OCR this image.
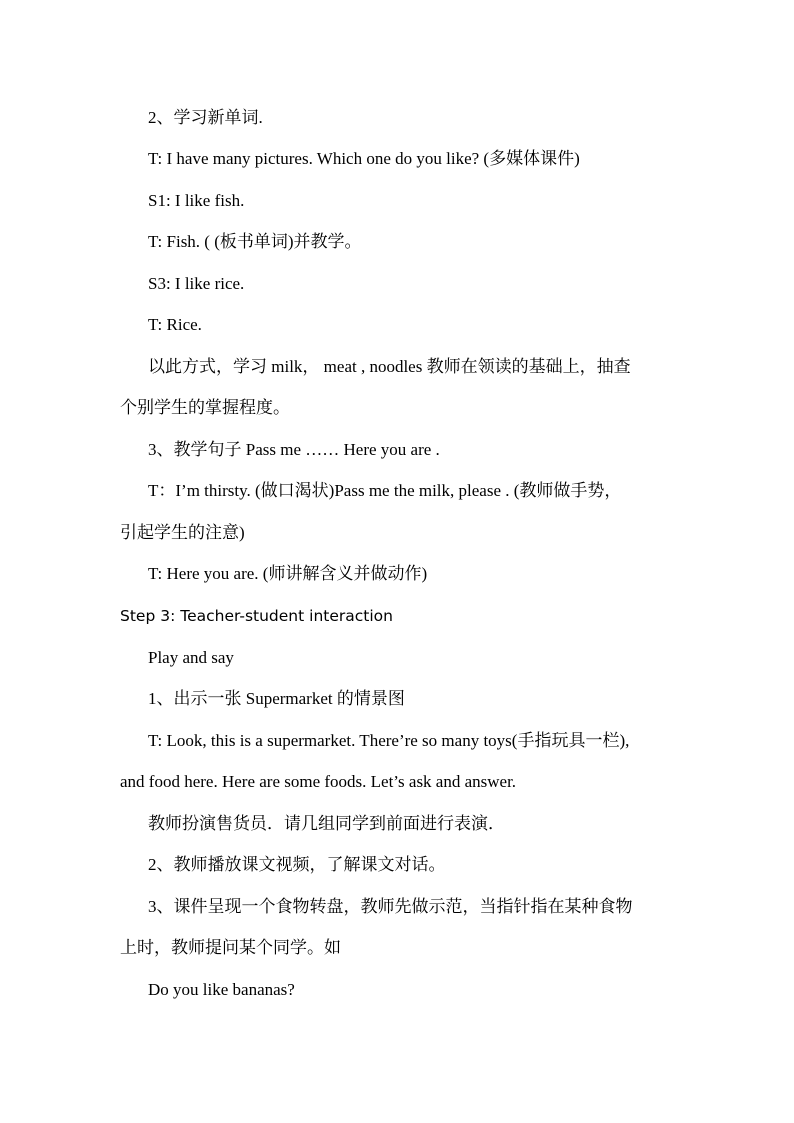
2、学习新单词.
T: I have many pictures. Which one do you like? (多媒体课件)
S1: I like fish.
T: Fish. ( (板书单词)并教学。
S3: I like rice.
T: Rice.
以此方式，学习 milk， meat , noodles 教师在领读的基础上，抽查
个别学生的掌握程度。
3、教学句子 Pass me …… Here you are .
T：I’m thirsty. (做口渴状)Pass me the milk, please . (教师做手势，
引起学生的注意)
T: Here you are. (师讲解含义并做动作)
Step 3: Teacher-student interaction
Play and say
1、出示一张 Supermarket 的情景图
T: Look, this is a supermarket. There’re so many toys(手指玩具一栏),
and food here. Here are some foods. Let’s ask and answer.
教师扮演售货员．请几组同学到前面进行表演．
2、教师播放课文视频，了解课文对话。
3、课件呈现一个食物转盘，教师先做示范，当指针指在某种食物
上时，教师提问某个同学。如
Do you like bananas?
